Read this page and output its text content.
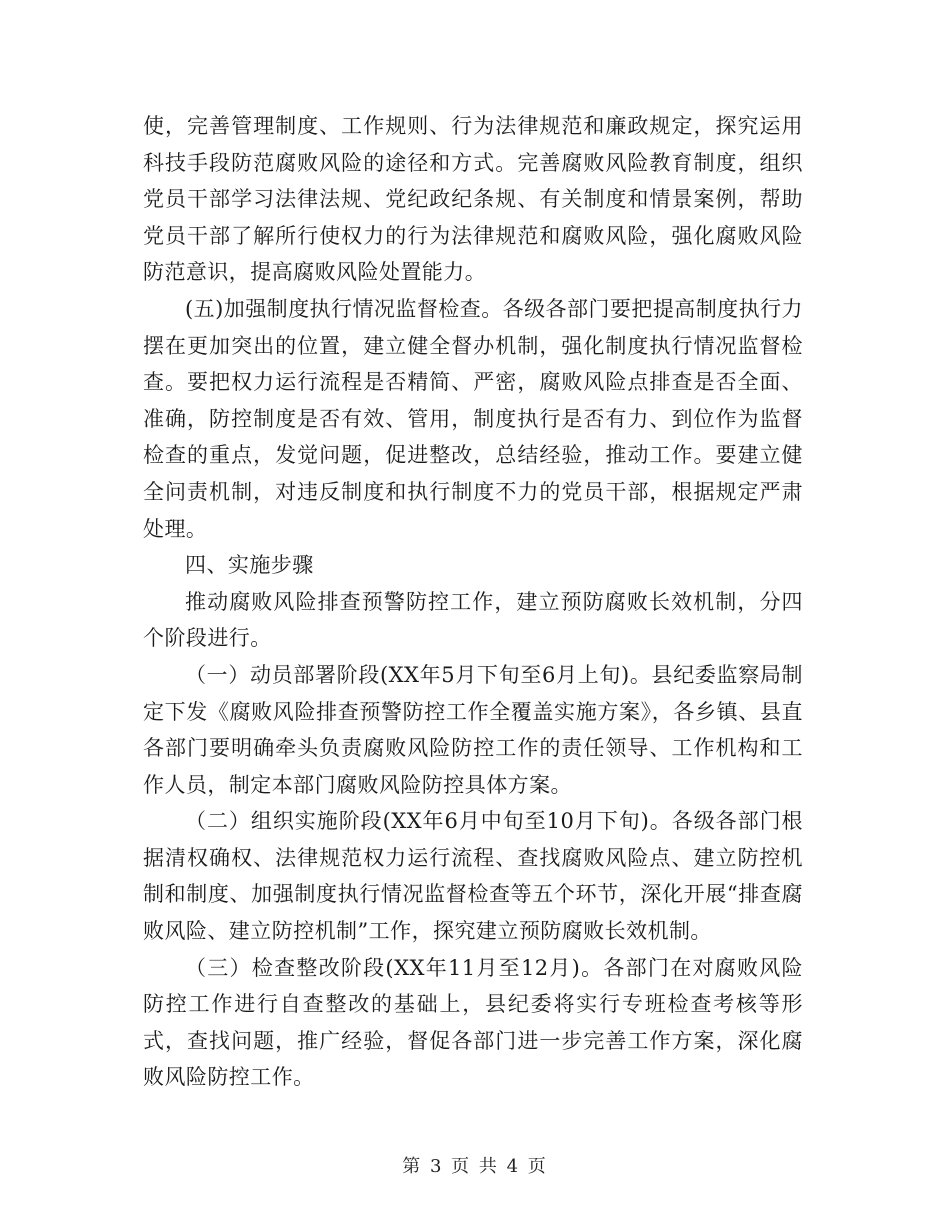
使，完善管理制度、工作规则、行为法律规范和廉政规定，探究运用科技手段防范腐败风险的途径和方式。完善腐败风险教育制度，组织党员干部学习法律法规、党纪政纪条规、有关制度和情景案例，帮助党员干部了解所行使权力的行为法律规范和腐败风险，强化腐败风险防范意识，提高腐败风险处置能力。

(五)加强制度执行情况监督检查。各级各部门要把提高制度执行力摆在更加突出的位置，建立健全督办机制，强化制度执行情况监督检查。要把权力运行流程是否精简、严密，腐败风险点排查是否全面、准确，防控制度是否有效、管用，制度执行是否有力、到位作为监督检查的重点，发觉问题，促进整改，总结经验，推动工作。要建立健全问责机制，对违反制度和执行制度不力的党员干部，根据规定严肃处理。

四、实施步骤

推动腐败风险排查预警防控工作，建立预防腐败长效机制，分四个阶段进行。

（一）动员部署阶段(XX年5月下旬至6月上旬)。县纪委监察局制定下发《腐败风险排查预警防控工作全覆盖实施方案》，各乡镇、县直各部门要明确牵头负责腐败风险防控工作的责任领导、工作机构和工作人员，制定本部门腐败风险防控具体方案。

（二）组织实施阶段(XX年6月中旬至10月下旬)。各级各部门根据清权确权、法律规范权力运行流程、查找腐败风险点、建立防控机制和制度、加强制度执行情况监督检查等五个环节，深化开展“排查腐败风险、建立防控机制”工作，探究建立预防腐败长效机制。

（三）检查整改阶段(XX年11月至12月)。各部门在对腐败风险防控工作进行自查整改的基础上，县纪委将实行专班检查考核等形式，查找问题，推广经验，督促各部门进一步完善工作方案，深化腐败风险防控工作。

第 3 页 共 4 页
